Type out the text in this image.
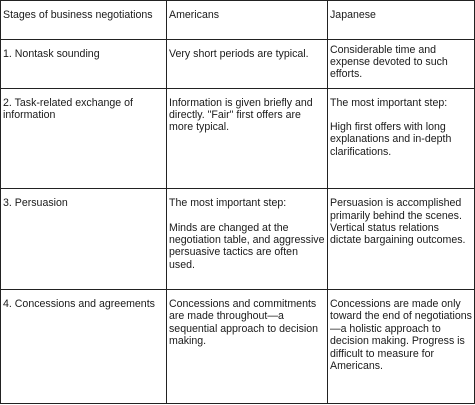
Stages of business negotiations	Americans	Japanese

1. Nontask sounding	Very short periods are typical.	Considerable time and expense devoted to such efforts.

2. Task-related exchange of information	Information is given briefly and directly. "Fair" first offers are more typical.	The most important step:
High first offers with long explanations and in-depth clarifications.

3. Persuasion	The most important step:
Minds are changed at the negotiation table, and aggressive persuasive tactics are often used.	Persuasion is accomplished primarily behind the scenes. Vertical status relations dictate bargaining outcomes.

4. Concessions and agreements	Concessions and commitments are made throughout—a sequential approach to decision making.	Concessions are made only toward the end of negotiations—a holistic approach to decision making. Progress is difficult to measure for Americans.
